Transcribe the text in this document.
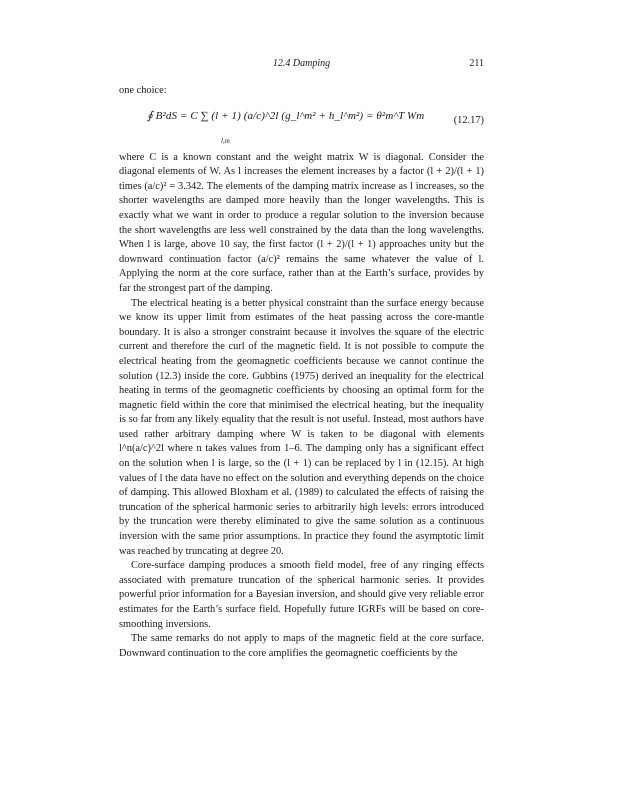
12.4 Damping	211
one choice:
∮ B²dS = C ∑ (l + 1) (a/c)^2l (g_l^m² + h_l^m²) = θ²m^T Wm
l,m
(12.17)

where C is a known constant and the weight matrix W is diagonal. Consider the diagonal elements of W. As l increases the element increases by a factor (l + 2)/(l + 1) times (a/c)² = 3.342. The elements of the damping matrix increase as l increases, so the shorter wavelengths are damped more heavily than the longer wavelengths. This is exactly what we want in order to produce a regular solution to the inversion because the short wavelengths are less well constrained by the data than the long wavelengths. When l is large, above 10 say, the first factor (l + 2)/(l + 1) approaches unity but the downward continuation factor (a/c)² remains the same whatever the value of l. Applying the norm at the core surface, rather than at the Earth’s surface, provides by far the strongest part of the damping.

The electrical heating is a better physical constraint than the surface energy because we know its upper limit from estimates of the heat passing across the core-mantle boundary. It is also a stronger constraint because it involves the square of the electric current and therefore the curl of the magnetic field. It is not possible to compute the electrical heating from the geomagnetic coefficients because we cannot continue the solution (12.3) inside the core. Gubbins (1975) derived an inequality for the electrical heating in terms of the geomagnetic coefficients by choosing an optimal form for the magnetic field within the core that minimised the electrical heating, but the inequality is so far from any likely equality that the result is not useful. Instead, most authors have used rather arbitrary damping where W is taken to be diagonal with elements l^n(a/c)^2l where n takes values from 1–6. The damping only has a significant effect on the solution when l is large, so the (l + 1) can be replaced by l in (12.15). At high values of l the data have no effect on the solution and everything depends on the choice of damping. This allowed Bloxham et al. (1989) to calculated the effects of raising the truncation of the spherical harmonic series to arbitrarily high levels: errors introduced by the truncation were thereby eliminated to give the same solution as a continuous inversion with the same prior assumptions. In practice they found the asymptotic limit was reached by truncating at degree 20.

Core-surface damping produces a smooth field model, free of any ringing effects associated with premature truncation of the spherical harmonic series. It provides powerful prior information for a Bayesian inversion, and should give very reliable error estimates for the Earth’s surface field. Hopefully future IGRFs will be based on core-smoothing inversions.

The same remarks do not apply to maps of the magnetic field at the core surface. Downward continuation to the core amplifies the geomagnetic coefficients by the
